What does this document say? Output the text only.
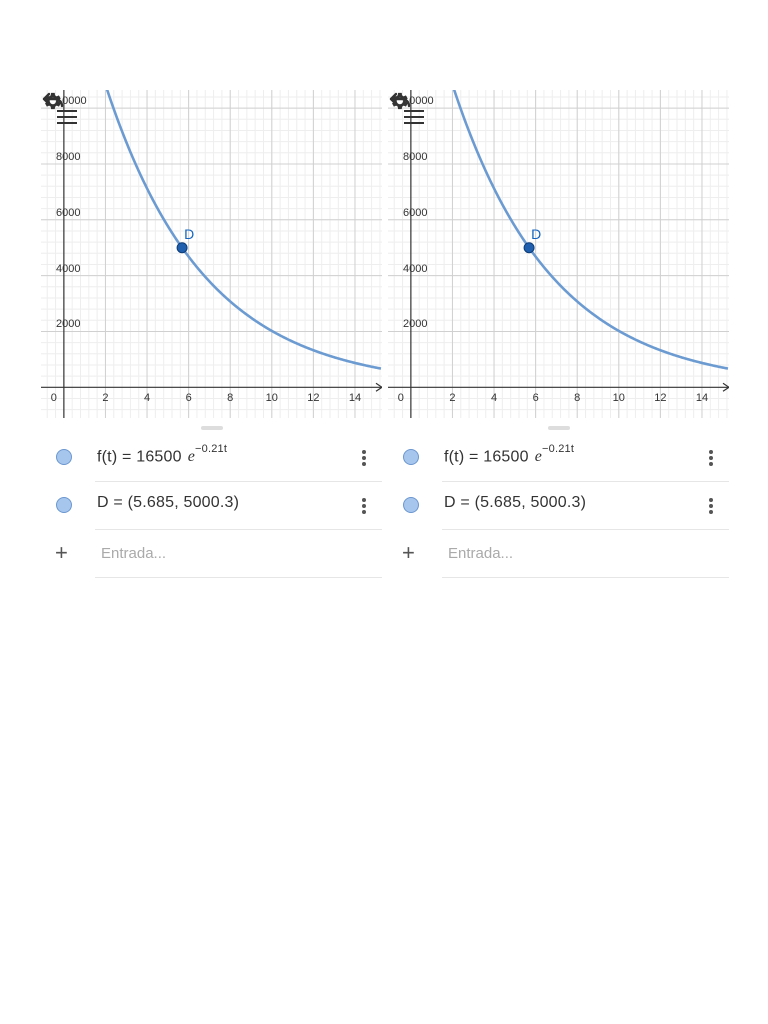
D
0	2	4	6	8	10	12	14
2000
4000
6000
8000
10000
f(t) = 16500 $e^{-0.21t}$
D = (5.685, 5000.3)
+
Entrada...
D
0	2	4	6	8	10	12	14
2000
4000
6000
8000
10000
f(t) = 16500 $e^{-0.21t}$
D = (5.685, 5000.3)
+
Entrada...
